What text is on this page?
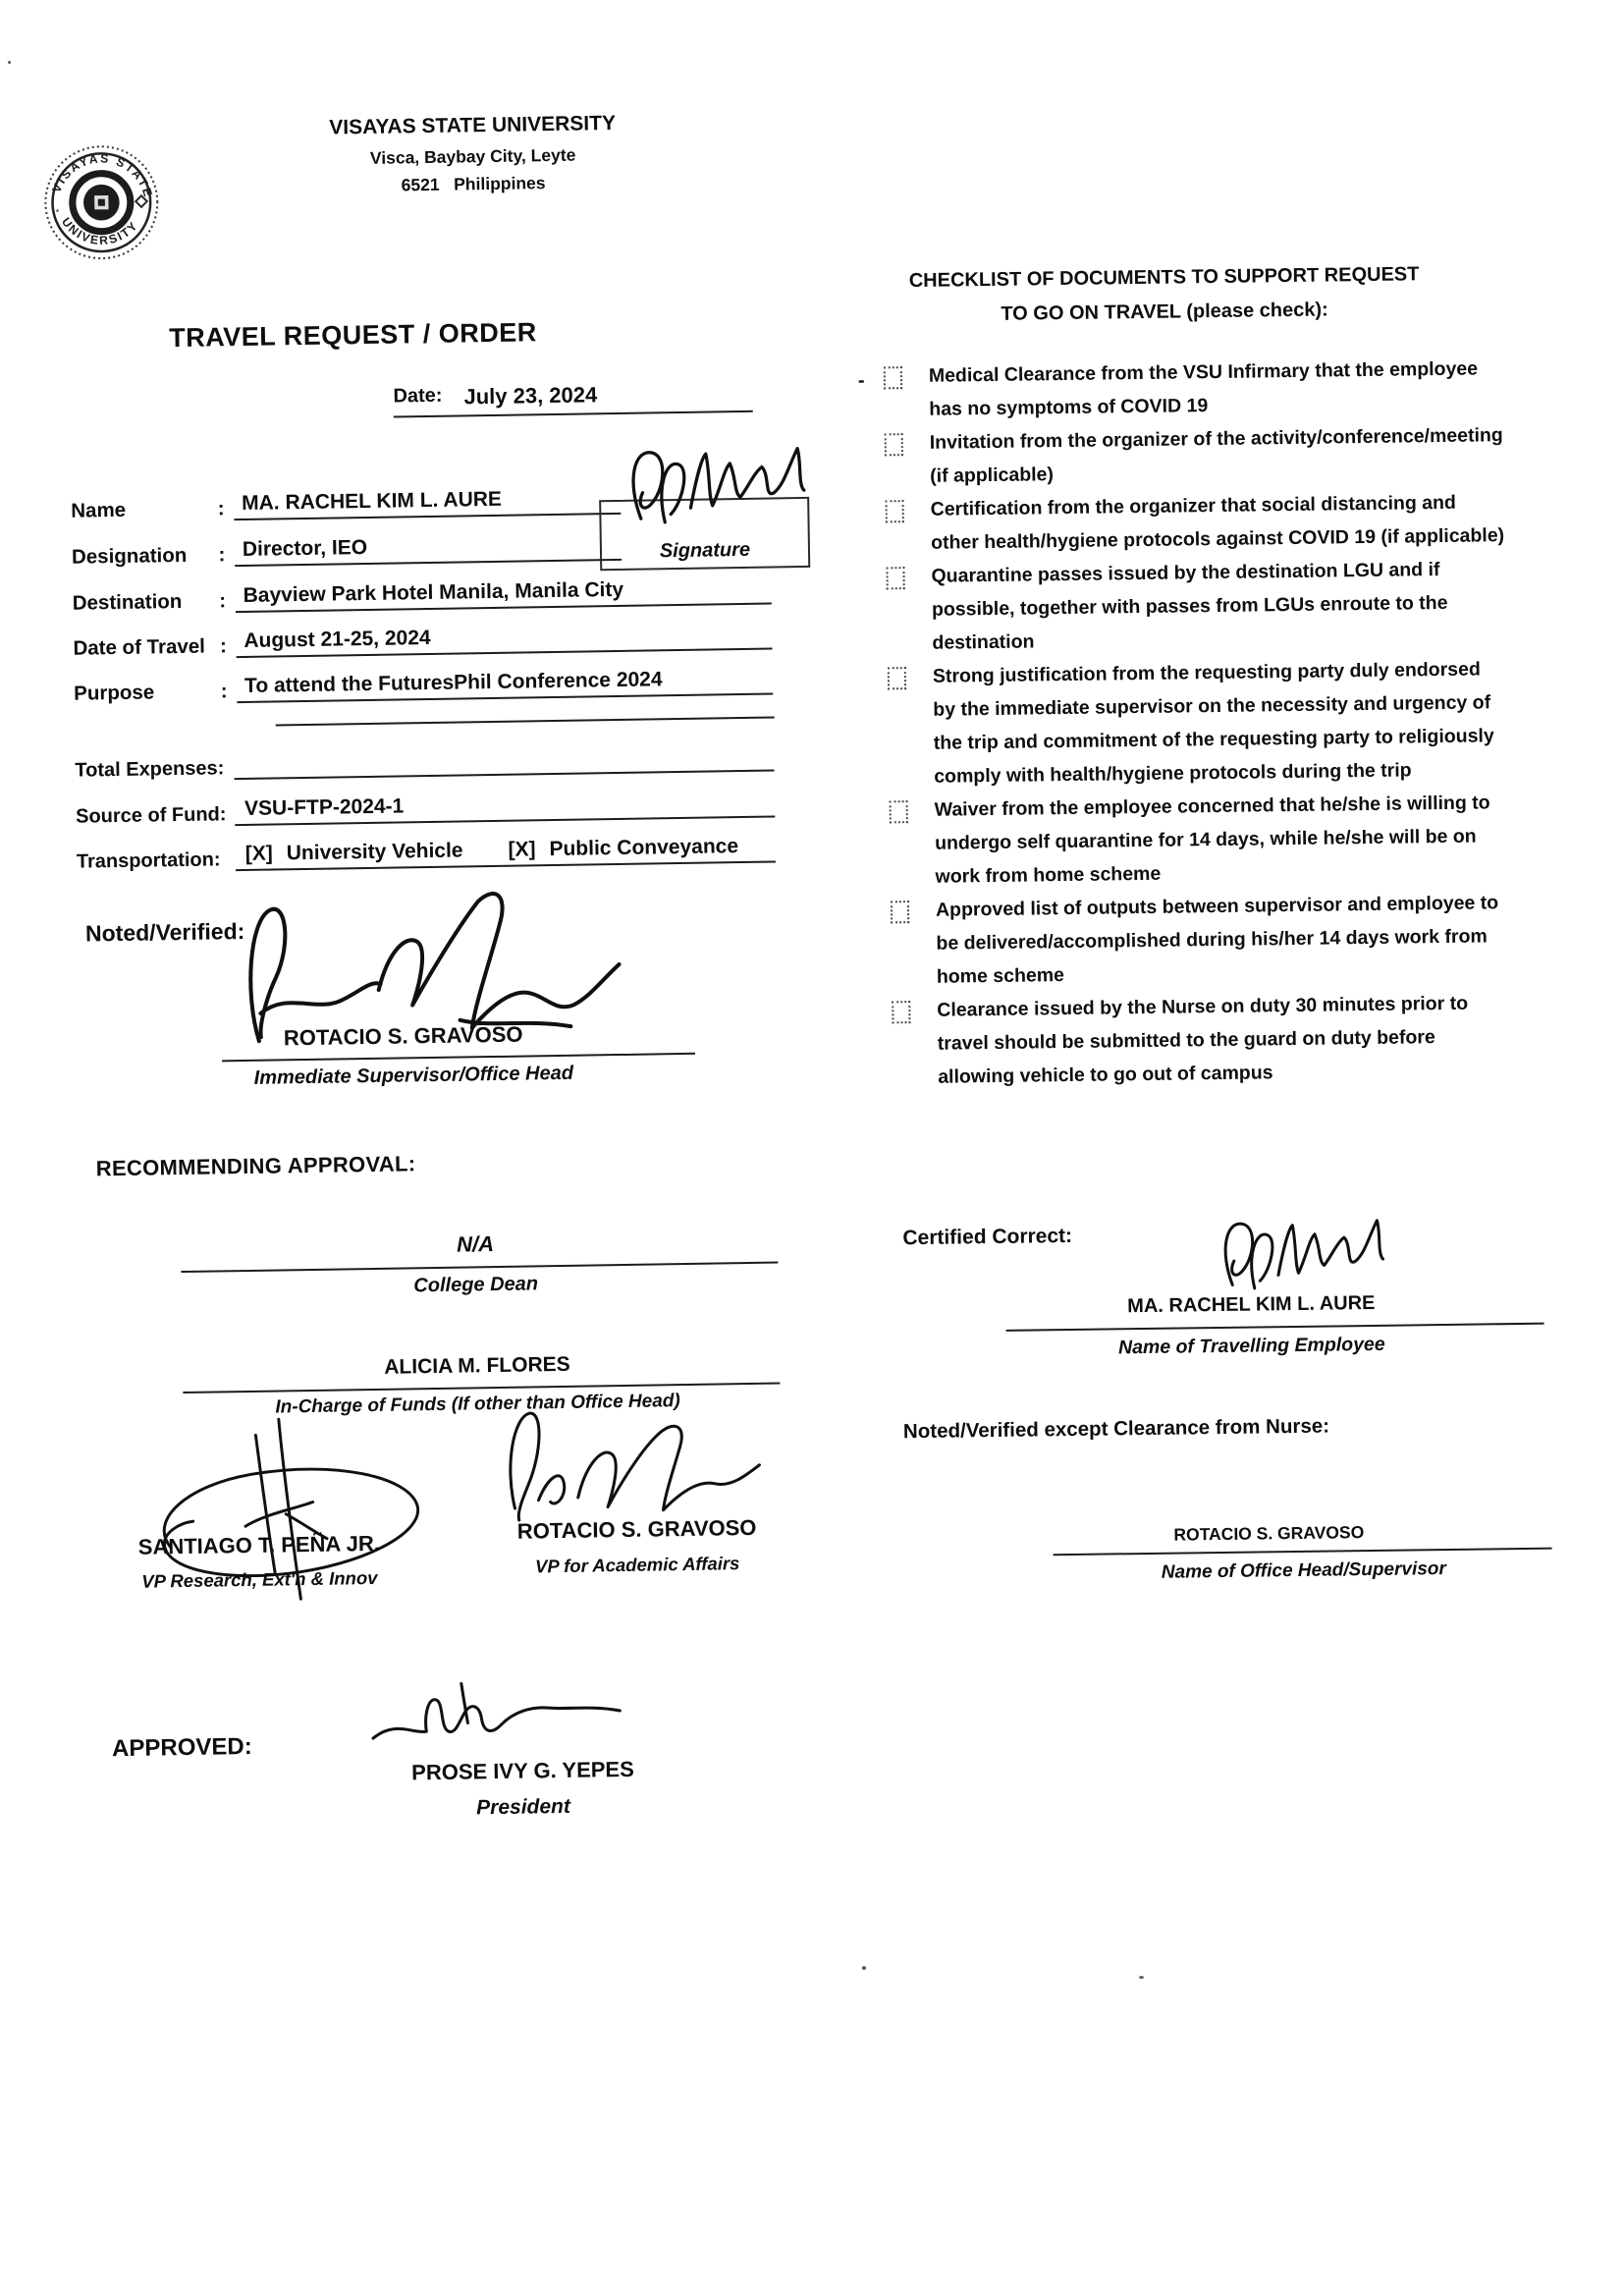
VISAYAS STATE
UNIVERSITY
*
VISAYAS STATE UNIVERSITY
Visca, Baybay City, Leyte
6521   Philippines
TRAVEL REQUEST / ORDER
Date: July 23, 2024
Name	: MA. RACHEL KIM L. AURE
Designation	: Director, IEO
Destination	: Bayview Park Hotel Manila, Manila City
Date of Travel : August 21-25, 2024
Purpose	: To attend the FuturesPhil Conference 2024
Signature
Total Expenses:
Source of Fund: VSU-FTP-2024-1
Transportation:	[X] University Vehicle [X] Public Conveyance
Noted/Verified:
ROTACIO S. GRAVOSO
Immediate Supervisor/Office Head
RECOMMENDING APPROVAL:
N/A
College Dean
ALICIA M. FLORES
In-Charge of Funds (If other than Office Head)
SANTIAGO T. PEÑA JR.
VP Research, Ext'n & Innov
ROTACIO S. GRAVOSO
VP for Academic Affairs
APPROVED:
PROSE IVY G. YEPES
President
CHECKLIST OF DOCUMENTS TO SUPPORT REQUEST
TO GO ON TRAVEL (please check):
-	Medical Clearance from the VSU Infirmary that the employee has no symptoms of COVID 19
Invitation from the organizer of the activity/conference/meeting (if applicable)
Certification from the organizer that social distancing and other health/hygiene protocols against COVID 19 (if applicable)
Quarantine passes issued by the destination LGU and if possible, together with passes from LGUs enroute to the destination
Strong justification from the requesting party duly endorsed by the immediate supervisor on the necessity and urgency of the trip and commitment of the requesting party to religiously comply with health/hygiene protocols during the trip
Waiver from the employee concerned that he/she is willing to undergo self quarantine for 14 days, while he/she will be on work from home scheme
Approved list of outputs between supervisor and employee to be delivered/accomplished during his/her 14 days work from home scheme
Clearance issued by the Nurse on duty 30 minutes prior to travel should be submitted to the guard on duty before allowing vehicle to go out of campus
Certified Correct:
MA. RACHEL KIM L. AURE
Name of Travelling Employee
Noted/Verified except Clearance from Nurse:
ROTACIO S. GRAVOSO
Name of Office Head/Supervisor
